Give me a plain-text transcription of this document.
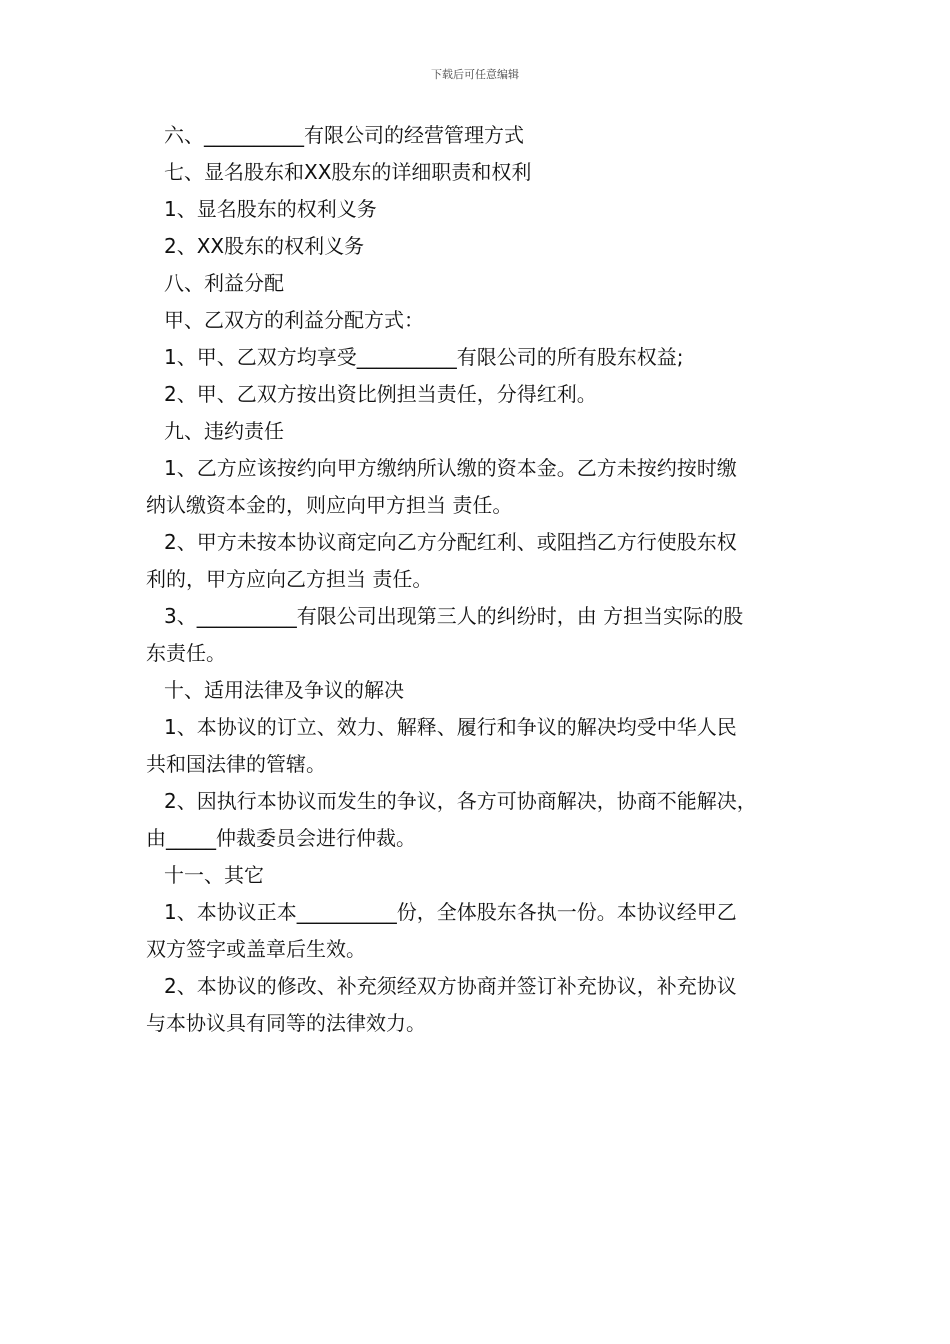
下载后可任意编辑
六、__________有限公司的经营管理方式
七、显名股东和XX股东的详细职责和权利
1、显名股东的权利义务
2、XX股东的权利义务
八、利益分配
甲、乙双方的利益分配方式：
1、甲、乙双方均享受__________有限公司的所有股东权益;
2、甲、乙双方按出资比例担当责任，分得红利。
九、违约责任
1、乙方应该按约向甲方缴纳所认缴的资本金。乙方未按约按时缴
纳认缴资本金的，则应向甲方担当 责任。
2、甲方未按本协议商定向乙方分配红利、或阻挡乙方行使股东权
利的，甲方应向乙方担当 责任。
3、__________有限公司出现第三人的纠纷时，由 方担当实际的股
东责任。
十、适用法律及争议的解决
1、本协议的订立、效力、解释、履行和争议的解决均受中华人民
共和国法律的管辖。
2、因执行本协议而发生的争议，各方可协商解决，协商不能解决，
由_____仲裁委员会进行仲裁。
十一、其它
1、本协议正本__________份，全体股东各执一份。本协议经甲乙
双方签字或盖章后生效。
2、本协议的修改、补充须经双方协商并签订补充协议，补充协议
与本协议具有同等的法律效力。
